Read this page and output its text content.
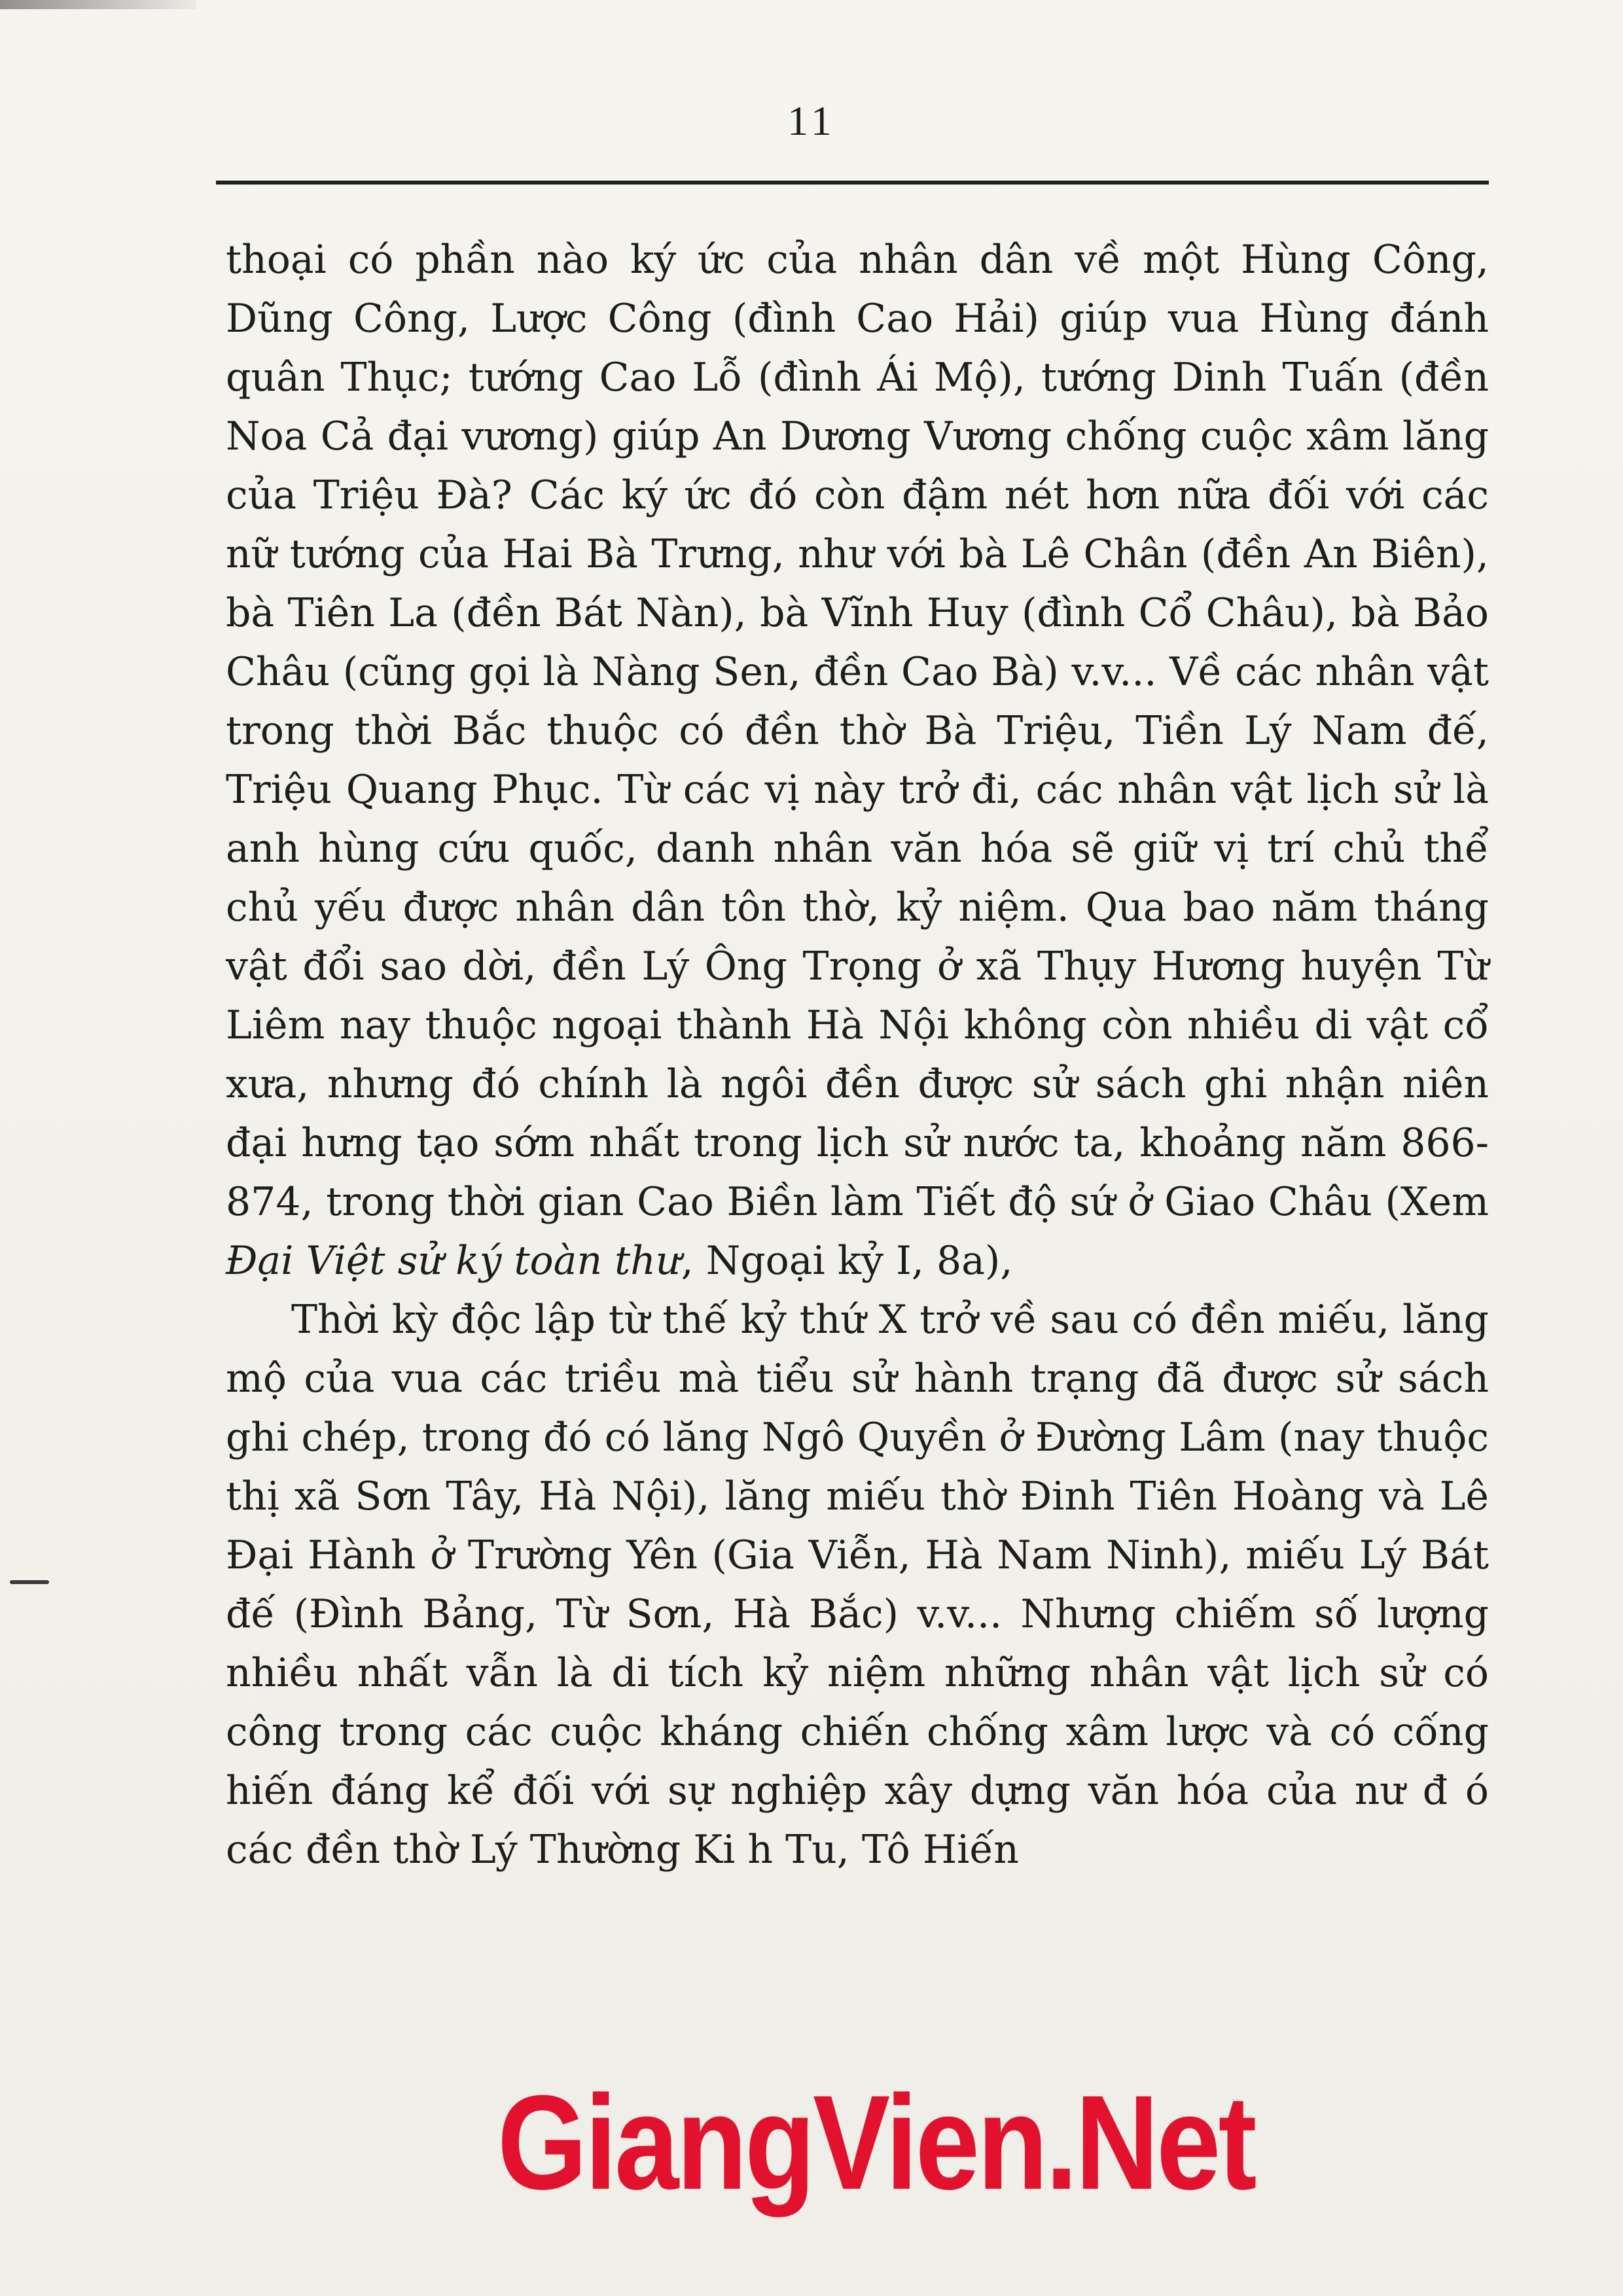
11

thoại có phần nào ký ức của nhân dân về một Hùng Công, Dũng Công, Lược Công (đình Cao Hải) giúp vua Hùng đánh quân Thục; tướng Cao Lỗ (đình Ái Mộ), tướng Dinh Tuấn (đền Noa Cả đại vương) giúp An Dương Vương chống cuộc xâm lăng của Triệu Đà? Các ký ức đó còn đậm nét hơn nữa đối với các nữ tướng của Hai Bà Trưng, như với bà Lê Chân (đền An Biên), bà Tiên La (đền Bát Nàn), bà Vĩnh Huy (đình Cổ Châu), bà Bảo Châu (cũng gọi là Nàng Sen, đền Cao Bà) v.v... Về các nhân vật trong thời Bắc thuộc có đền thờ Bà Triệu, Tiền Lý Nam đế, Triệu Quang Phục. Từ các vị này trở đi, các nhân vật lịch sử là anh hùng cứu quốc, danh nhân văn hóa sẽ giữ vị trí chủ thể chủ yếu được nhân dân tôn thờ, kỷ niệm. Qua bao năm tháng vật đổi sao dời, đền Lý Ông Trọng ở xã Thụy Hương huyện Từ Liêm nay thuộc ngoại thành Hà Nội không còn nhiều di vật cổ xưa, nhưng đó chính là ngôi đền được sử sách ghi nhận niên đại hưng tạo sớm nhất trong lịch sử nước ta, khoảng năm 866-874, trong thời gian Cao Biền làm Tiết độ sứ ở Giao Châu (Xem Đại Việt sử ký toàn thư, Ngoại kỷ I, 8a),

Thời kỳ độc lập từ thế kỷ thứ X trở về sau có đền miếu, lăng mộ của vua các triều mà tiểu sử hành trạng đã được sử sách ghi chép, trong đó có lăng Ngô Quyền ở Đường Lâm (nay thuộc thị xã Sơn Tây, Hà Nội), lăng miếu thờ Đinh Tiên Hoàng và Lê Đại Hành ở Trường Yên (Gia Viễn, Hà Nam Ninh), miếu Lý Bát đế (Đình Bảng, Từ Sơn, Hà Bắc) v.v... Nhưng chiếm số lượng nhiều nhất vẫn là di tích kỷ niệm những nhân vật lịch sử có công trong các cuộc kháng chiến chống xâm lược và có cống hiến đáng kể đối với sự nghiệp xây dựng văn hóa của nư đ ó các đền thờ Lý Thường Ki h Tu, Tô Hiến

GiangVien.Net
